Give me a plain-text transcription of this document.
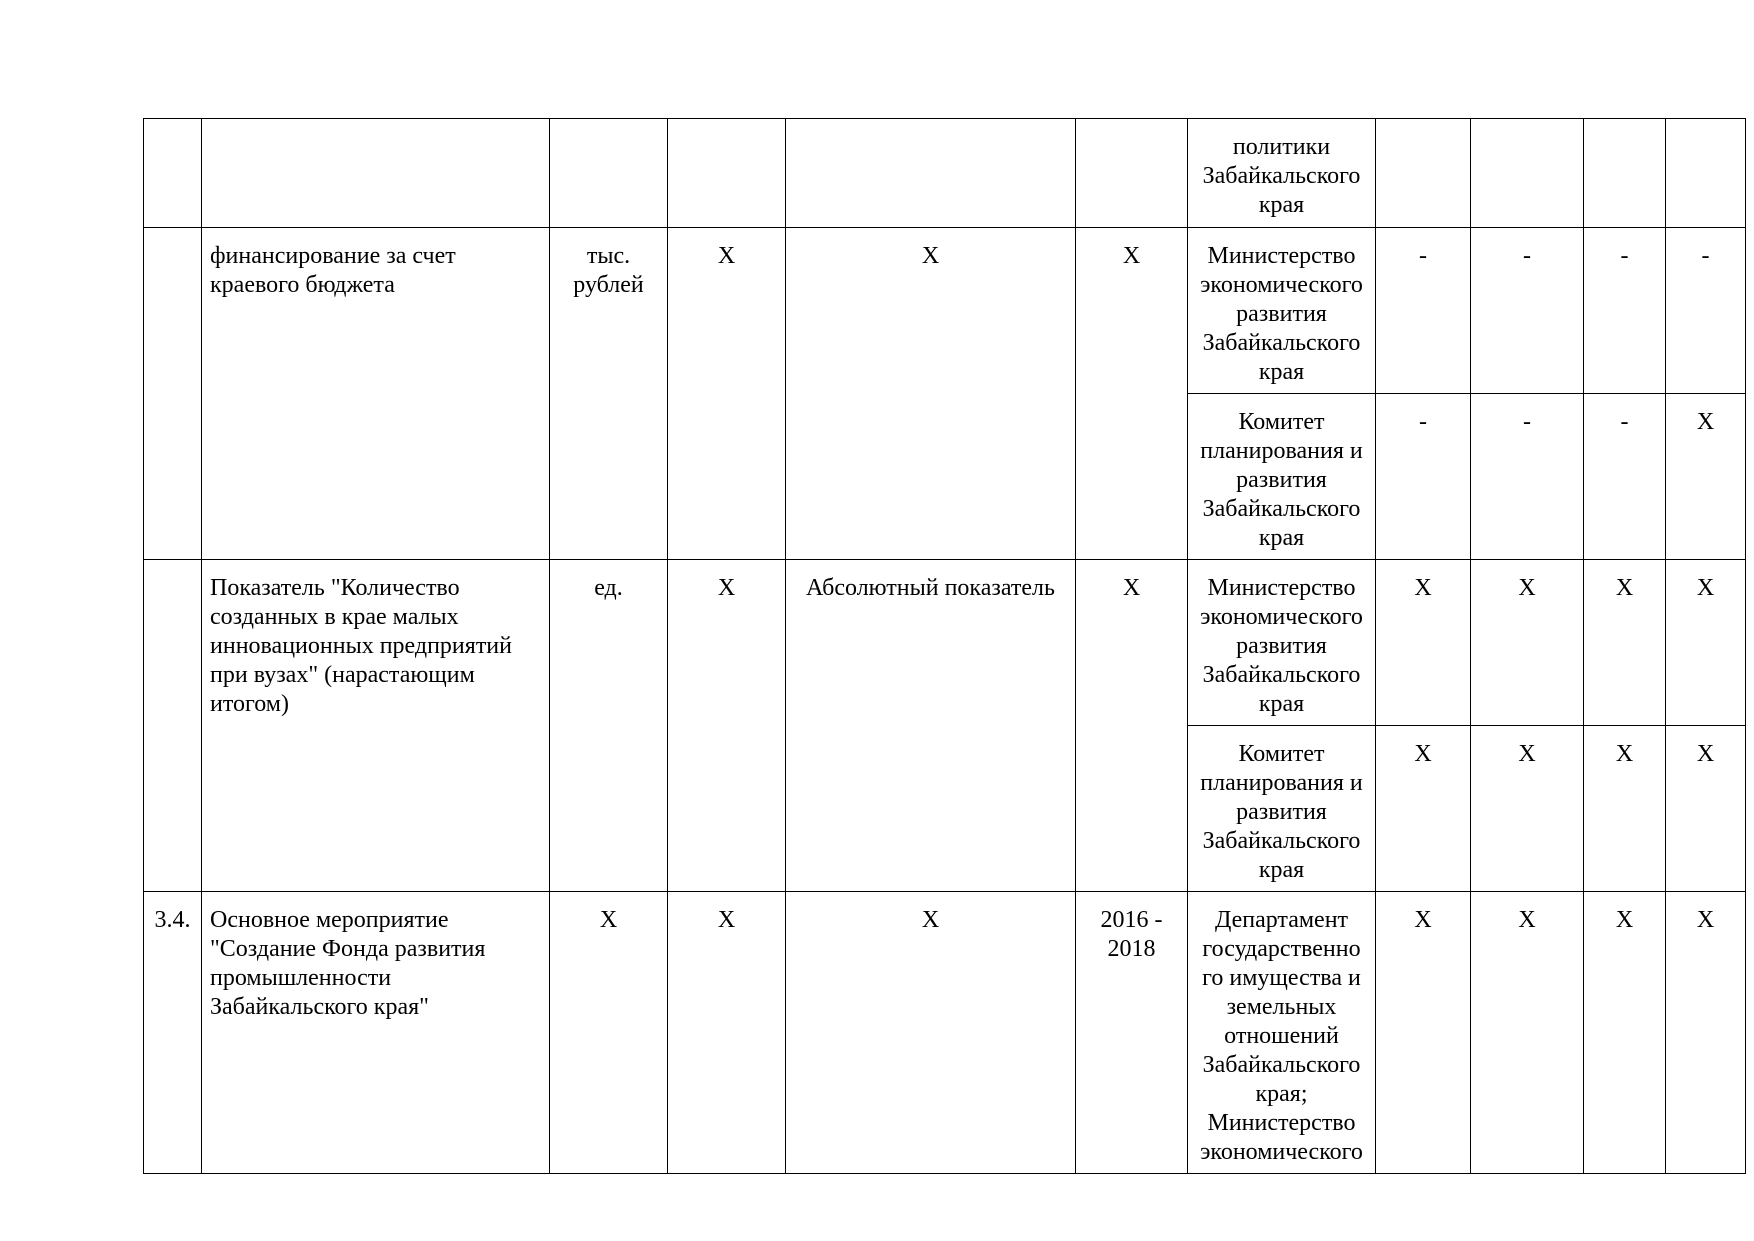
						политики Забайкальского края				
	финансирование за счет краевого бюджета	тыс. рублей	X	X	X	Министерство экономического развития Забайкальского края	-	-	-	-
						Комитет планирования и развития Забайкальского края	-	-	-	X
	Показатель "Количество созданных в крае малых инновационных предприятий при вузах" (нарастающим итогом)	ед.	X	Абсолютный показатель	X	Министерство экономического развития Забайкальского края	X	X	X	X
						Комитет планирования и развития Забайкальского края	X	X	X	X
3.4.	Основное мероприятие "Создание Фонда развития промышленности Забайкальского края"	X	X	X	2016 - 2018	Департамент государственно го имущества и земельных отношений Забайкальского края; Министерство экономического	X	X	X	X
